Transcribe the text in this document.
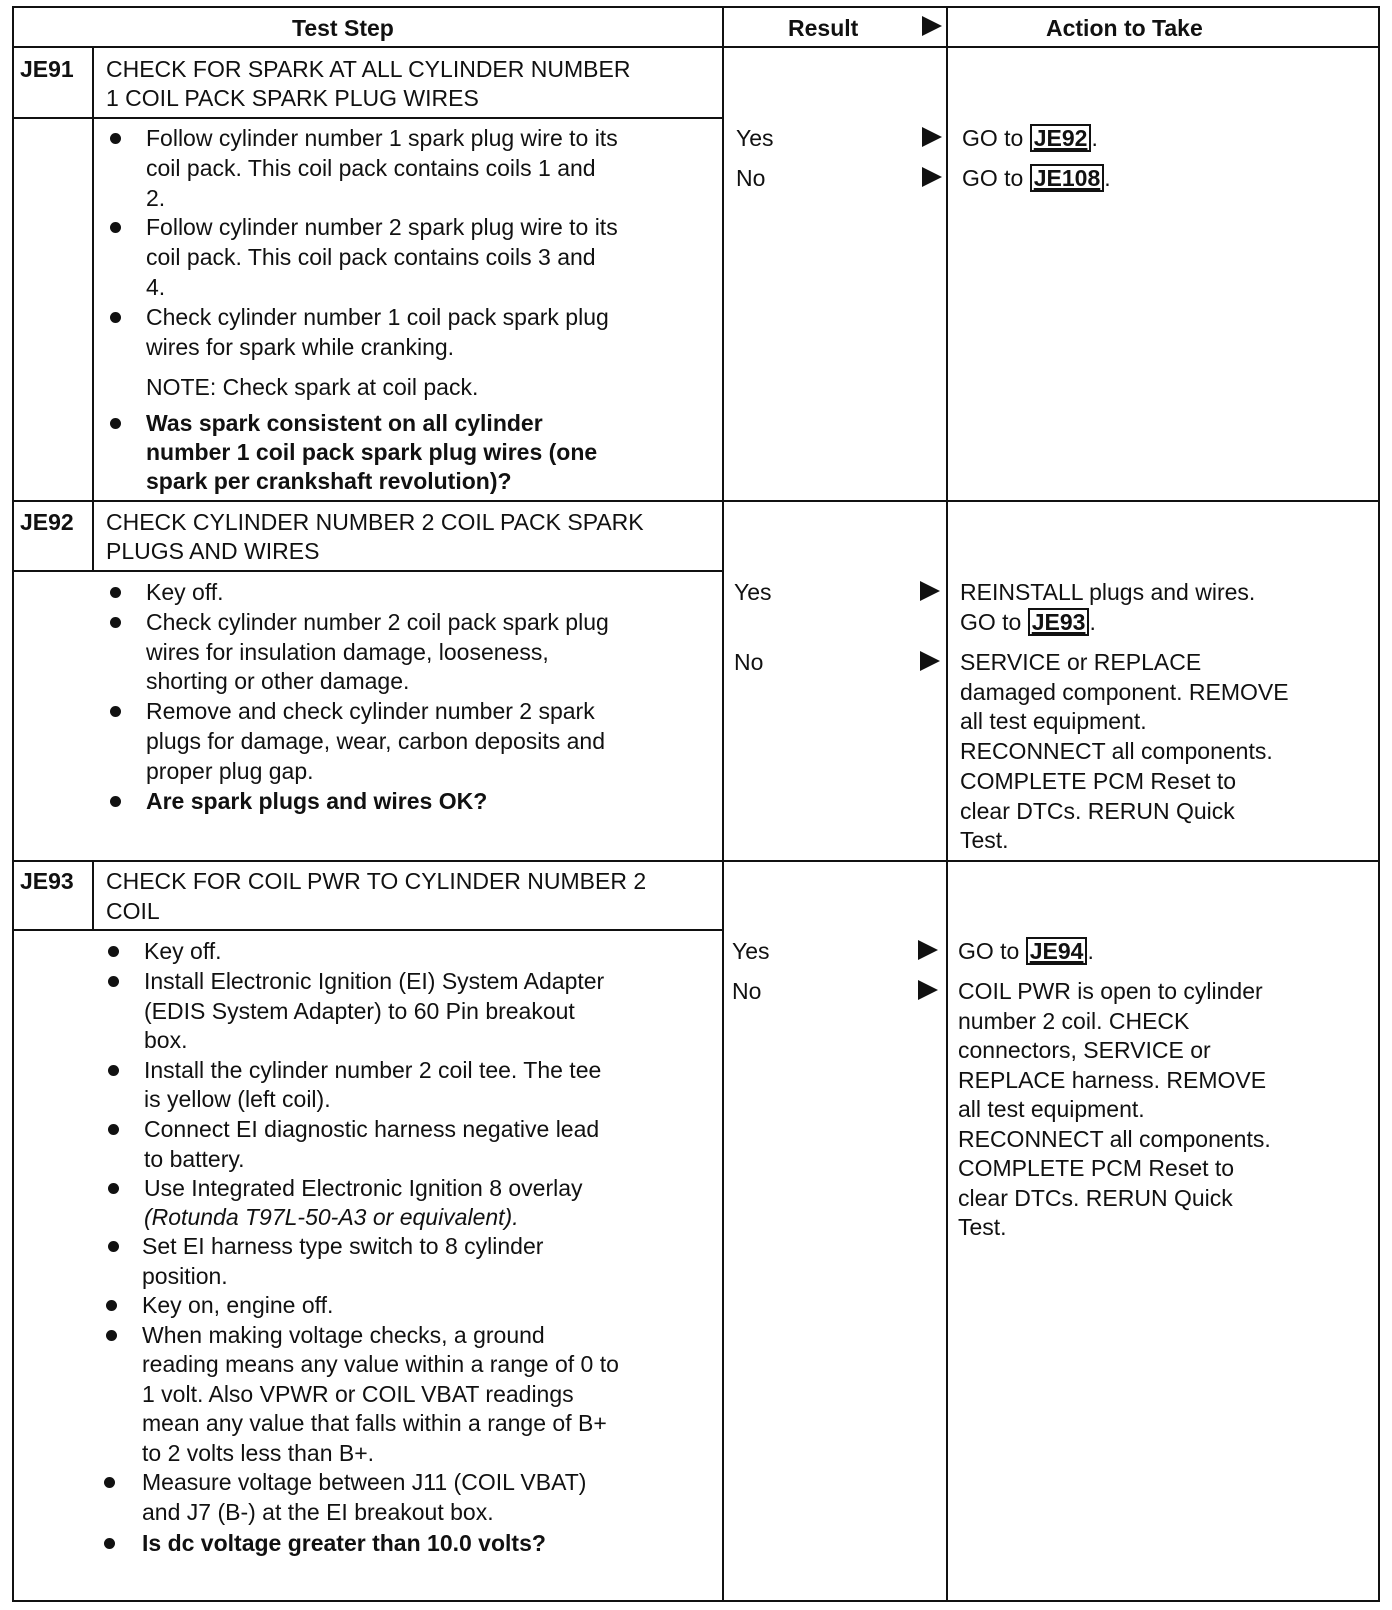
Test Step	Result	Action to Take
JE91 CHECK FOR SPARK AT ALL CYLINDER NUMBER
1 COIL PACK SPARK PLUG WIRES
Follow cylinder number 1 spark plug wire to its
coil pack. This coil pack contains coils 1 and
2.
Follow cylinder number 2 spark plug wire to its
coil pack. This coil pack contains coils 3 and
4.
Check cylinder number 1 coil pack spark plug
wires for spark while cranking.
NOTE: Check spark at coil pack.
Was spark consistent on all cylinder
number 1 coil pack spark plug wires (one
spark per crankshaft revolution)?
Yes	GO to JE92 .
No	GO to JE108 .
JE92 CHECK CYLINDER NUMBER 2 COIL PACK SPARK
PLUGS AND WIRES
Key off.
Check cylinder number 2 coil pack spark plug
wires for insulation damage, looseness,
shorting or other damage.
Remove and check cylinder number 2 spark
plugs for damage, wear, carbon deposits and
proper plug gap.
Are spark plugs and wires OK?
Yes	REINSTALL plugs and wires.
GO to JE93 .
No	SERVICE or REPLACE
damaged component. REMOVE
all test equipment.
RECONNECT all components.
COMPLETE PCM Reset to
clear DTCs. RERUN Quick
Test.
JE93 CHECK FOR COIL PWR TO CYLINDER NUMBER 2
COIL
Key off.
Install Electronic Ignition (EI) System Adapter
(EDIS System Adapter) to 60 Pin breakout
box.
Install the cylinder number 2 coil tee. The tee
is yellow (left coil).
Connect EI diagnostic harness negative lead
to battery.
Use Integrated Electronic Ignition 8 overlay
(Rotunda T97L-50-A3 or equivalent).
Set EI harness type switch to 8 cylinder
position.
Key on, engine off.
When making voltage checks, a ground
reading means any value within a range of 0 to
1 volt. Also VPWR or COIL VBAT readings
mean any value that falls within a range of B+
to 2 volts less than B+.
Measure voltage between J11 (COIL VBAT)
and J7 (B-) at the EI breakout box.
Is dc voltage greater than 10.0 volts?
Yes	GO to JE94 .
No	COIL PWR is open to cylinder
number 2 coil. CHECK
connectors, SERVICE or
REPLACE harness. REMOVE
all test equipment.
RECONNECT all components.
COMPLETE PCM Reset to
clear DTCs. RERUN Quick
Test.
